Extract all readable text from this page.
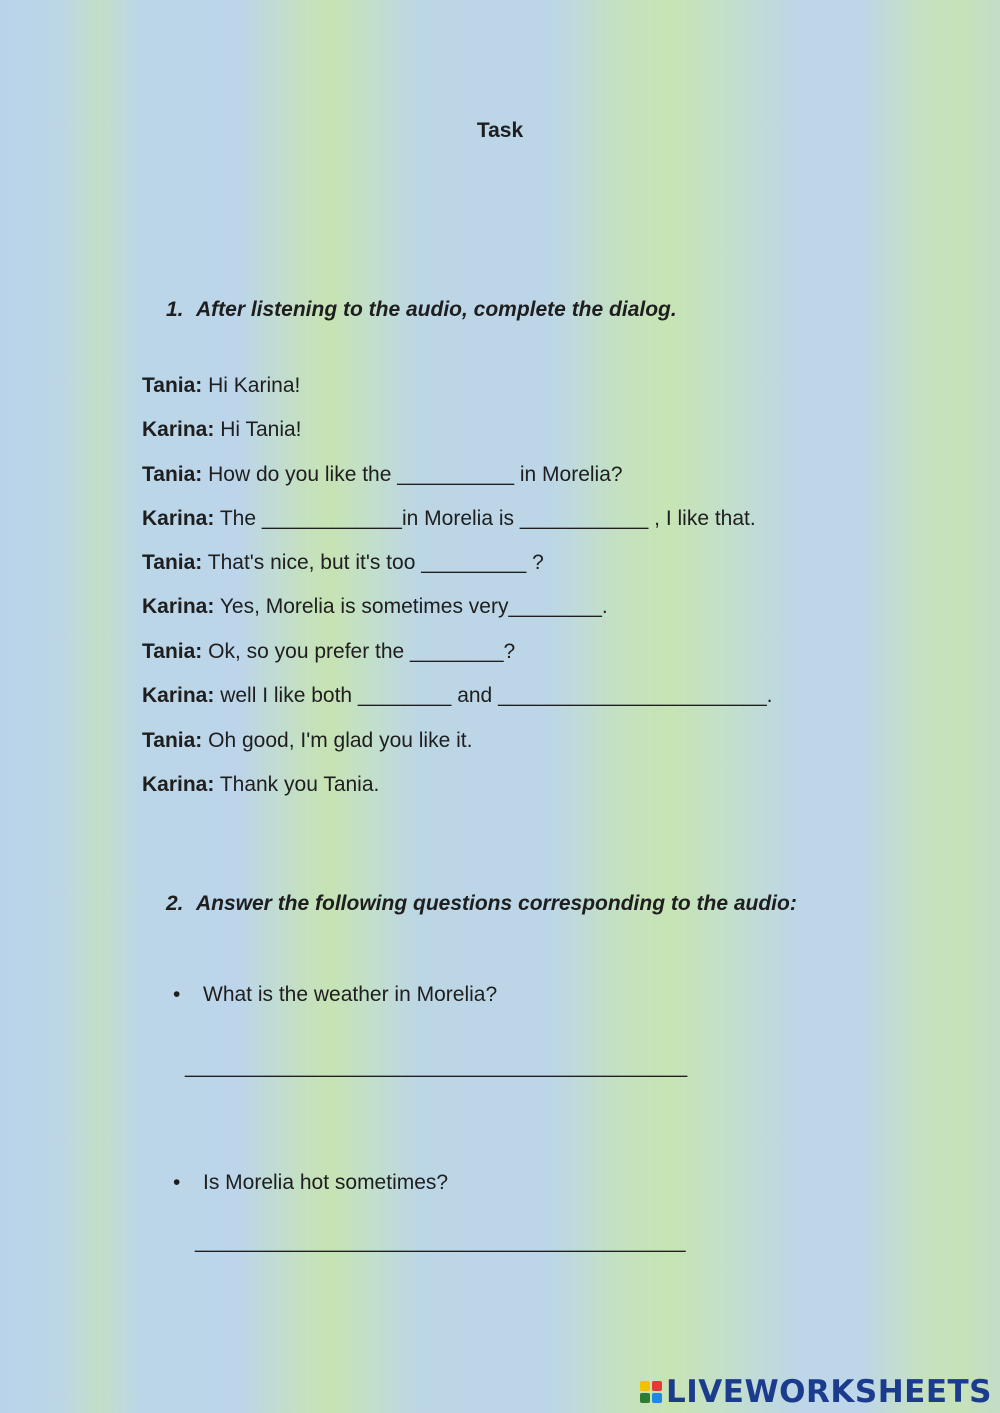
Task
1. After listening to the audio, complete the dialog.
Tania: Hi Karina!
Karina: Hi Tania!
Tania: How do you like the __________ in Morelia?
Karina: The ____________in Morelia is ___________ , I like that.
Tania: That's nice, but it's too _________ ?
Karina: Yes, Morelia is sometimes very________.
Tania: Ok, so you prefer the ________?
Karina: well I like both ________ and _______________________.
Tania: Oh good, I'm glad you like it.
Karina: Thank you Tania.
2. Answer the following questions corresponding to the audio:
• What is the weather in Morelia?
___________________________________________
• Is Morelia hot sometimes?
__________________________________________
LIVEWORKSHEETS
